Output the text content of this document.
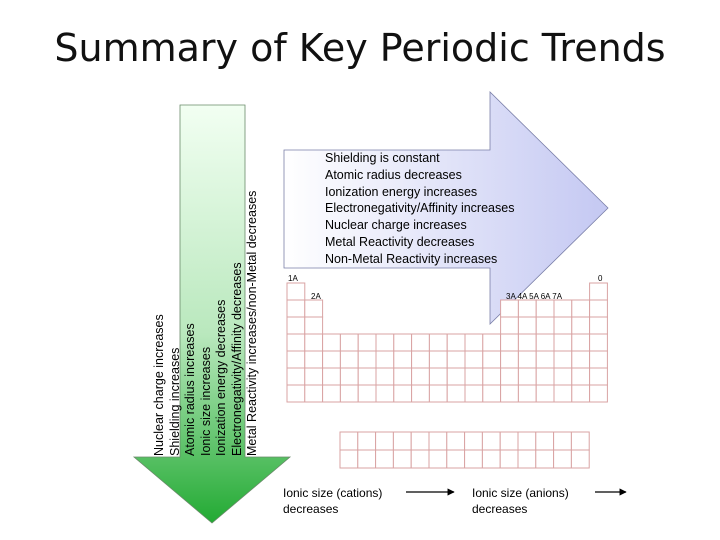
Summary of Key Periodic Trends
Nuclear charge increases Shielding increases Atomic radius increases Ionic size increases Ionization energy decreases Electronegativity/Affinity decreases Metal Reactivity increases/non-Metal decreases
Shielding is constant
Atomic radius decreases
Ionization energy increases
Electronegativity/Affinity increases
Nuclear charge increases
Metal Reactivity decreases
Non-Metal Reactivity increases
1A
2A	3A 4A 5A 6A 7A
0
Ionic size (cations)
decreases
Ionic size (anions)
decreases
